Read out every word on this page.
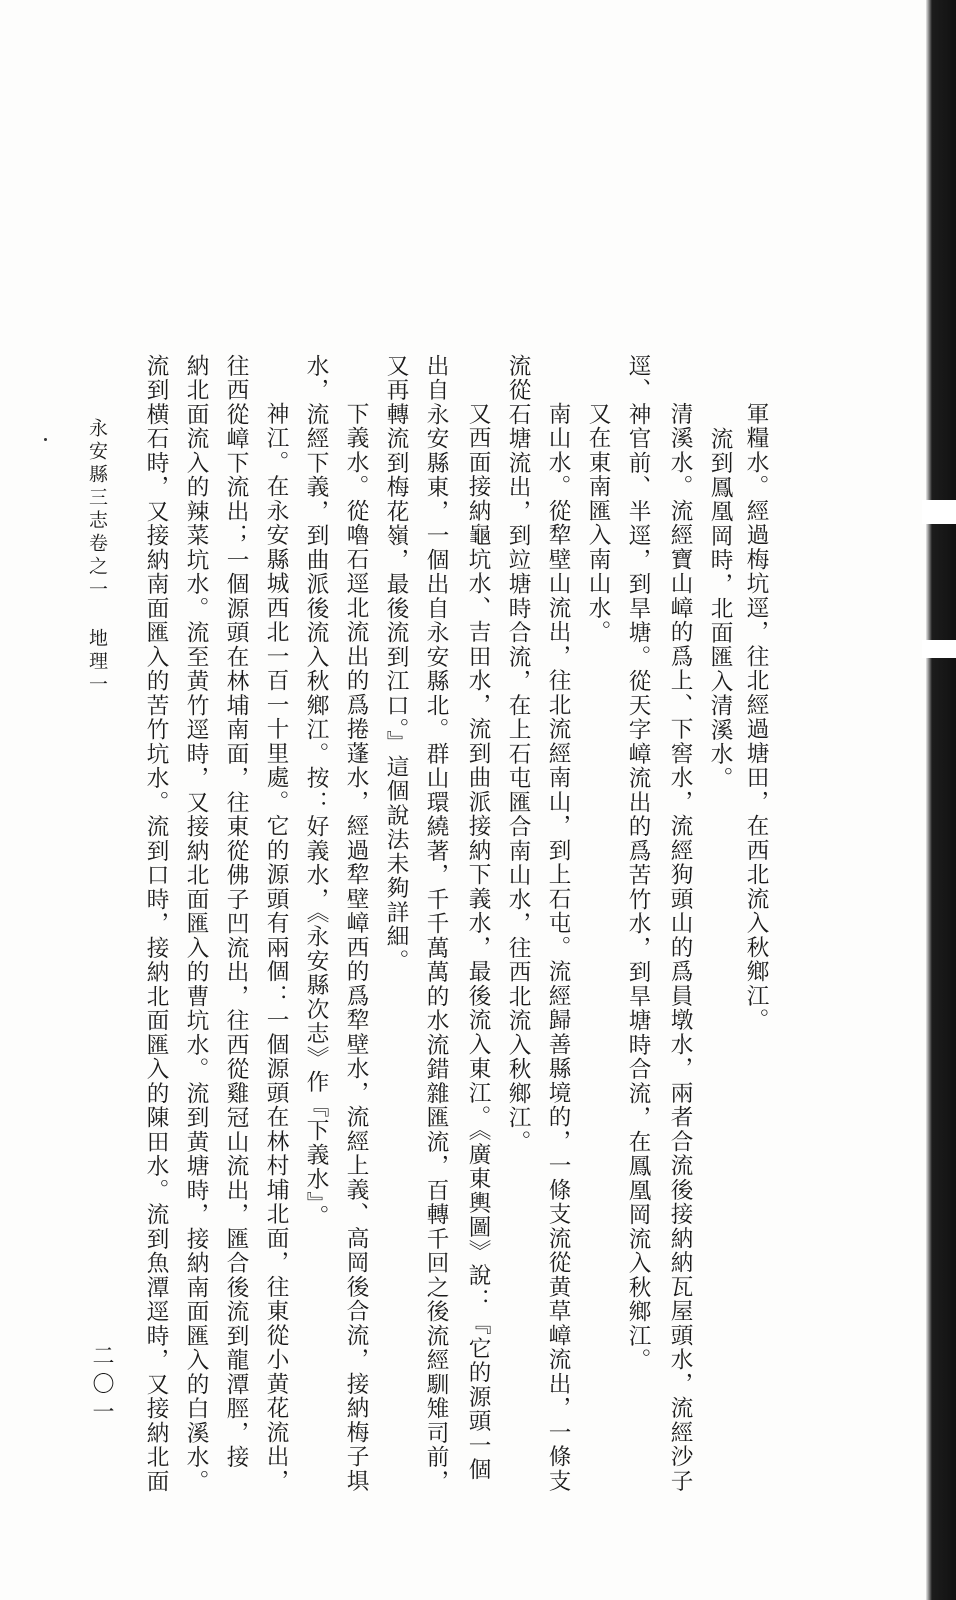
軍糧水。經過梅坑逕，往北經過塘田，在西北流入秋鄉江。
流到鳳凰岡時，北面匯入清溪水。
清溪水。流經寶山嶂的爲上、下窖水，流經狗頭山的爲員墩水，兩者合流後接納納瓦屋頭水，流經沙子
逕、神官前、半逕，到旱塘。從天字嶂流出的爲苦竹水，到旱塘時合流，在鳳凰岡流入秋鄉江。
又在東南匯入南山水。
南山水。從犂壁山流出，往北流經南山，到上石屯。流經歸善縣境的，一條支流從黄草嶂流出，一條支
流從石塘流出，到竝塘時合流，在上石屯匯合南山水，往西北流入秋鄉江。
又西面接納龜坑水、吉田水，流到曲派接納下義水，最後流入東江。《廣東輿圖》說：『它的源頭一個
出自永安縣東，一個出自永安縣北。群山環繞著，千千萬萬的水流錯雜匯流，百轉千回之後流經馴雉司前，
又再轉流到梅花嶺，最後流到江口。』這個說法未夠詳細。
下義水。從嚕石逕北流出的爲捲蓬水，經過犂壁嶂西的爲犂壁水，流經上義、高岡後合流，接納梅子埧
水，流經下義，到曲派後流入秋鄉江。按：好義水，《永安縣次志》作『下義水』。
神江。在永安縣城西北一百一十里處。它的源頭有兩個：一個源頭在林村埔北面，往東從小黄花流出，
往西從嶂下流出；一個源頭在林埔南面，往東從佛子凹流出，往西從雞冠山流出，匯合後流到龍潭脛，接
納北面流入的辣菜坑水。流至黄竹逕時，又接納北面匯入的曹坑水。流到黄塘時，接納南面匯入的白溪水。
流到横石時，又接納南面匯入的苦竹坑水。流到口時，接納北面匯入的陳田水。流到魚潭逕時，又接納北面
永安縣三志卷之一地理一
二〇一
